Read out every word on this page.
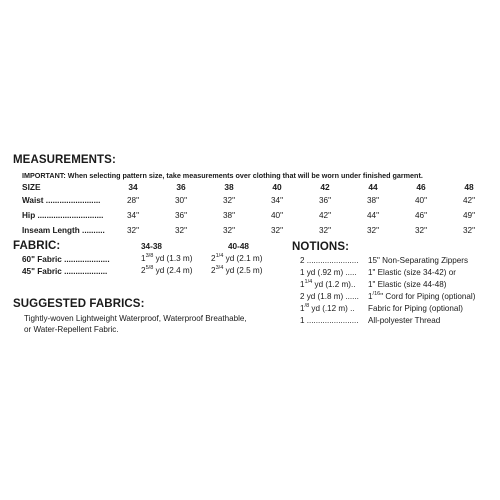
MEASUREMENTS:
IMPORTANT: When selecting pattern size, take measurements over clothing that will be worn under finished garment.
SIZE	34	36	38	40	42	44	46	48
Waist ........................	28"	30"	32"	34"	36"	38"	40"	42"
Hip .............................	34"	36"	38"	40"	42"	44"	46"	49"
Inseam Length ..........	32"	32"	32"	32"	32"	32"	32"	32"
FABRIC:	34-38	40-48
60" Fabric ....................	$1^{3/8}$ yd (1.3 m) $2^{1/4}$ yd (2.1 m)
45" Fabric ...................	$2^{5/8}$ yd (2.4 m) $2^{3/4}$ yd (2.5 m)
SUGGESTED FABRICS:
Tightly-woven Lightweight Waterproof, Waterproof Breathable,
or Water-Repellent Fabric.
NOTIONS:
2 ....................... 15" Non-Separating Zippers
1 yd (.92 m) ..... 1" Elastic (size 34-42) or
$1^{1/4}$ yd (1.2 m).. 1" Elastic (size 44-48)
2 yd (1.8 m) ...... $1^{/16}$" Cord for Piping (optional)
$1^{/8}$ yd (.12 m) .. Fabric for Piping (optional)
1 ....................... All-polyester Thread
